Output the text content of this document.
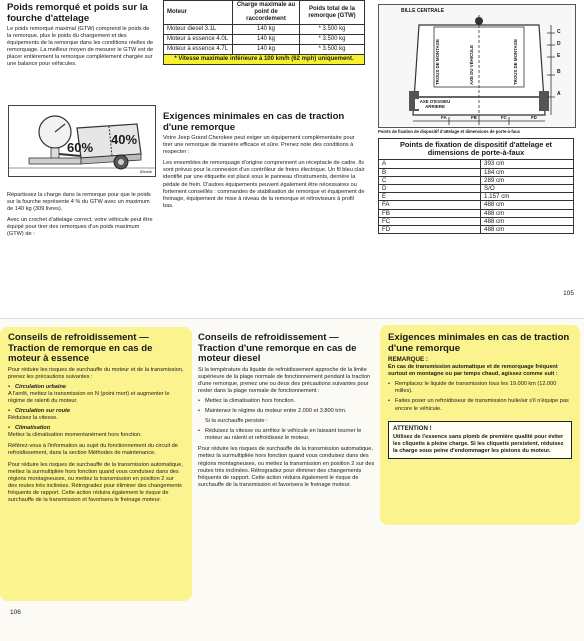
Poids remorqué et poids sur la fourche d'attelage

Le poids remorqué maximal (GTW) comprend le poids de la remorque, plus le poids du chargement et des équipements de la remorque dans les conditions réelles de remorquage. La meilleur moyen de mesurer le GTW est de placer entièrement la remorque complètement chargée sur une balance pour véhicules.

60%
40%
80ed4b

Répartissez la charge dans la remorque pour que le poids sur la fourche représente 4 % du GTW avec un maximum de 140 kg (309 livres).

Avec un crochet d'attelage correct, votre véhicule peut être équipé pour tirer des remorques d'un poids maximum (GTW) de :

Moteur	Charge maximale au point de raccordement	Poids total de la remorque (GTW)
Moteur diesel 3.1L	140 kg	* 3.500 kg
Moteur à essence 4.0L	140 kg	* 3.500 kg
Moteur à essence 4.7L	140 kg	* 3.500 kg
* Vitesse maximale inférieure à 100 km/h (62 mph) uniquement.		
Exigences minimales en cas de traction d'une remorque

Votre Jeep Grand Cherokee peut exiger un équipement complémentaire pour tirer une remorque de manière efficace et sûre. Prenez note des conditions à respecter :

Les ensembles de remorquage d'origine comprennent un réceptacle de cadre. Ils sont prévus pour la connexion d'un contrôleur de freins électrique. Un fil bleu clair identifié par une étiquette est placé sous le panneau d'instruments, derrière la pédale de frein. D'autres équipements peuvent également être nécessaires ou fortement conseillés : commandes de stabilisation de remorque et équipement de freinage, équipement de mise à niveau de la remorque et rétroviseurs à profil bas.

BILLE CENTRALE
TROUS DE MONTAGE	AXE DU VÉHICULE	TROUS DE MONTAGE
AXE D'ESSIEU ARRIERE
C
D
E
B
A
FA	FB	FC	FD
Points de fixation de dispositif d'attelage et dimensions de porte-à-faux
Points de fixation de dispositif d'attelage et dimensions de porte-à-faux	
A	393 cm
B	184 cm
C	289 cm
D	S/O
E	1.157 cm
FA	488 cm
FB	488 cm
FC	488 cm
FD	488 cm
105
Conseils de refroidissement — Traction de remorque en cas de moteur à essence

Pour réduire les risques de surchauffe du moteur et de la transmission, prenez les précautions suivantes :

• Circulation urbaine

A l'arrêt, mettez la transmission en N (point mort) et augmenter le régime de ralenti du moteur.

• Circulation sur route

Réduisez la vitesse.

• Climatisation

Mettez la climatisation momentanément hors fonction.

Référez-vous à l'information au sujet du fonctionnement du circuit de refroidissement, dans la section Méthodes de maintenance.

Pour réduire les risques de surchauffe de la transmission automatique, mettez la surmultipliée hors fonction quand vous conduisez dans des régions montagneuses, ou mettez la transmission en position 2 sur des routes très inclinées. Rétrogradez pour éliminer des changements fréquents de rapport. Cette action réduira également le risque de surchauffe de la transmission et favorisera le freinage moteur.

Conseils de refroidissement — Traction d'une remorque en cas de moteur diesel

Si la température du liquide de refroidissement approche de la limite supérieure de la plage normale de fonctionnement pendant la traction d'une remorque, prenez une ou deux des précautions suivantes pour rester dans la plage normale de fonctionnement :

• Mettez la climatisation hors fonction.

• Maintenez le régime du moteur entre 2.000 et 3.800 tr/m.

Si la surchauffe persiste :

• Réduisez la vitesse ou arrêtez le véhicule en laissant tourner le moteur au ralenti et refroidissez le moteur.

Pour réduire les risques de surchauffe de la transmission automatique, mettez la surmultipliée hors fonction quand vous conduisez dans des régions montagneuses, ou mettez la transmission en position 2 sur des routes très inclinées. Rétrogradez pour éliminer des changements fréquents de rapport. Cette action réduira également le risque de surchauffe de la transmission et favorisera le freinage moteur.

Exigences minimales en cas de traction d'une remorque

REMARQUE :

En cas de transmission automatique et de remorquage fréquent surtout en montagne ou par temps chaud, agissez comme suit :

• Remplacez le liquide de transmission tous les 19.000 km (12.000 milles).

• Faites poser un refroidisseur de transmission huile/air s'il n'équipe pas encore le véhicule.

ATTENTION !

Utilisez de l'essence sans plomb de première qualité pour éviter les cliquetis à pleine charge. Si les cliquetis persistent, réduisez la charge sous peine d'endommager les pistons du moteur.

106
